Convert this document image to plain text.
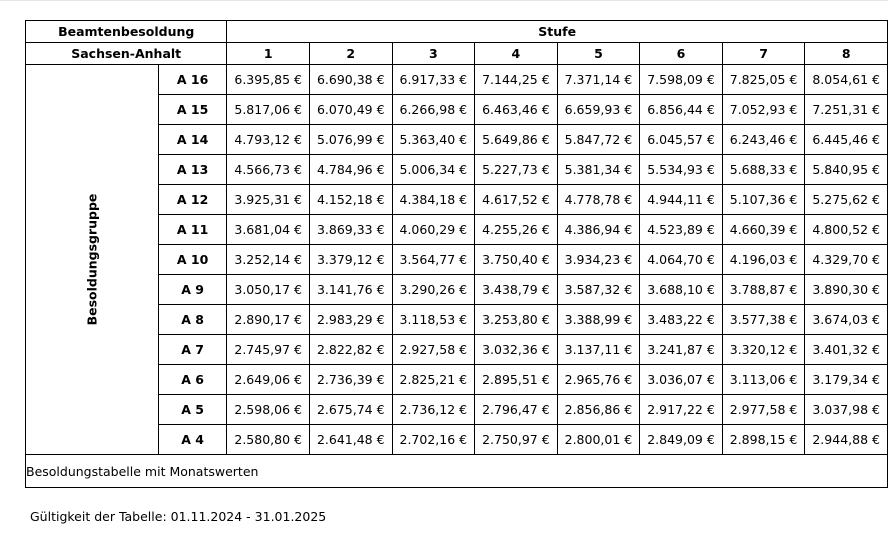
Beamtenbesoldung		Stufe							
Sachsen-Anhalt		1	2	3	4	5	6	7	8
Besoldungsgruppe	A 16	6.395,85 €	6.690,38 €	6.917,33 €	7.144,25 €	7.371,14 €	7.598,09 €	7.825,05 €	8.054,61 €
	A 15	5.817,06 €	6.070,49 €	6.266,98 €	6.463,46 €	6.659,93 €	6.856,44 €	7.052,93 €	7.251,31 €
	A 14	4.793,12 €	5.076,99 €	5.363,40 €	5.649,86 €	5.847,72 €	6.045,57 €	6.243,46 €	6.445,46 €
	A 13	4.566,73 €	4.784,96 €	5.006,34 €	5.227,73 €	5.381,34 €	5.534,93 €	5.688,33 €	5.840,95 €
	A 12	3.925,31 €	4.152,18 €	4.384,18 €	4.617,52 €	4.778,78 €	4.944,11 €	5.107,36 €	5.275,62 €
	A 11	3.681,04 €	3.869,33 €	4.060,29 €	4.255,26 €	4.386,94 €	4.523,89 €	4.660,39 €	4.800,52 €
	A 10	3.252,14 €	3.379,12 €	3.564,77 €	3.750,40 €	3.934,23 €	4.064,70 €	4.196,03 €	4.329,70 €
	A 9	3.050,17 €	3.141,76 €	3.290,26 €	3.438,79 €	3.587,32 €	3.688,10 €	3.788,87 €	3.890,30 €
	A 8	2.890,17 €	2.983,29 €	3.118,53 €	3.253,80 €	3.388,99 €	3.483,22 €	3.577,38 €	3.674,03 €
	A 7	2.745,97 €	2.822,82 €	2.927,58 €	3.032,36 €	3.137,11 €	3.241,87 €	3.320,12 €	3.401,32 €
	A 6	2.649,06 €	2.736,39 €	2.825,21 €	2.895,51 €	2.965,76 €	3.036,07 €	3.113,06 €	3.179,34 €
	A 5	2.598,06 €	2.675,74 €	2.736,12 €	2.796,47 €	2.856,86 €	2.917,22 €	2.977,58 €	3.037,98 €
	A 4	2.580,80 €	2.641,48 €	2.702,16 €	2.750,97 €	2.800,01 €	2.849,09 €	2.898,15 €	2.944,88 €
Besoldungstabelle mit Monatswerten									
Gültigkeit der Tabelle: 01.11.2024 - 31.01.2025
